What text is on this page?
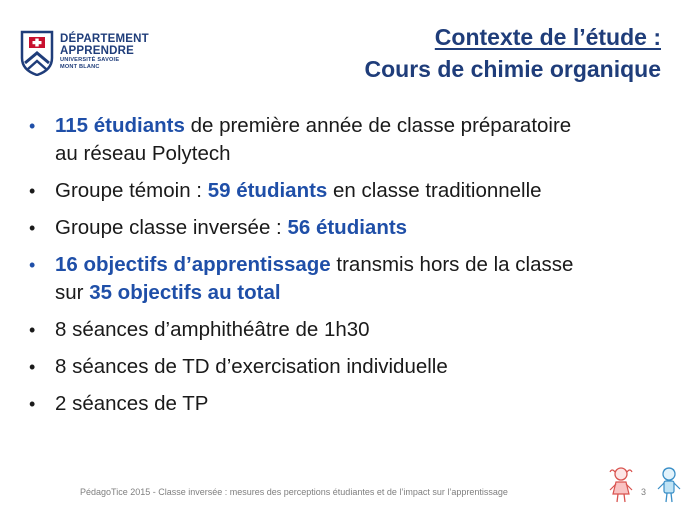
DÉPARTEMENT
APPRENDRE
UNIVERSITÉ SAVOIE
MONT BLANC
Contexte de l’étude :
Cours de chimie organique
• 115 étudiants de première année de classe préparatoire au réseau Polytech
• Groupe témoin : 59 étudiants en classe traditionnelle
• Groupe classe inversée : 56 étudiants
• 16 objectifs d’apprentissage transmis hors de la classe sur 35 objectifs au total
• 8 séances d’amphithéâtre de 1h30
• 8 séances de TD d’exercisation individuelle
• 2 séances de TP
PédagoTice 2015 - Classe inversée : mesures des perceptions étudiantes et de l’impact sur l’apprentissage	3
